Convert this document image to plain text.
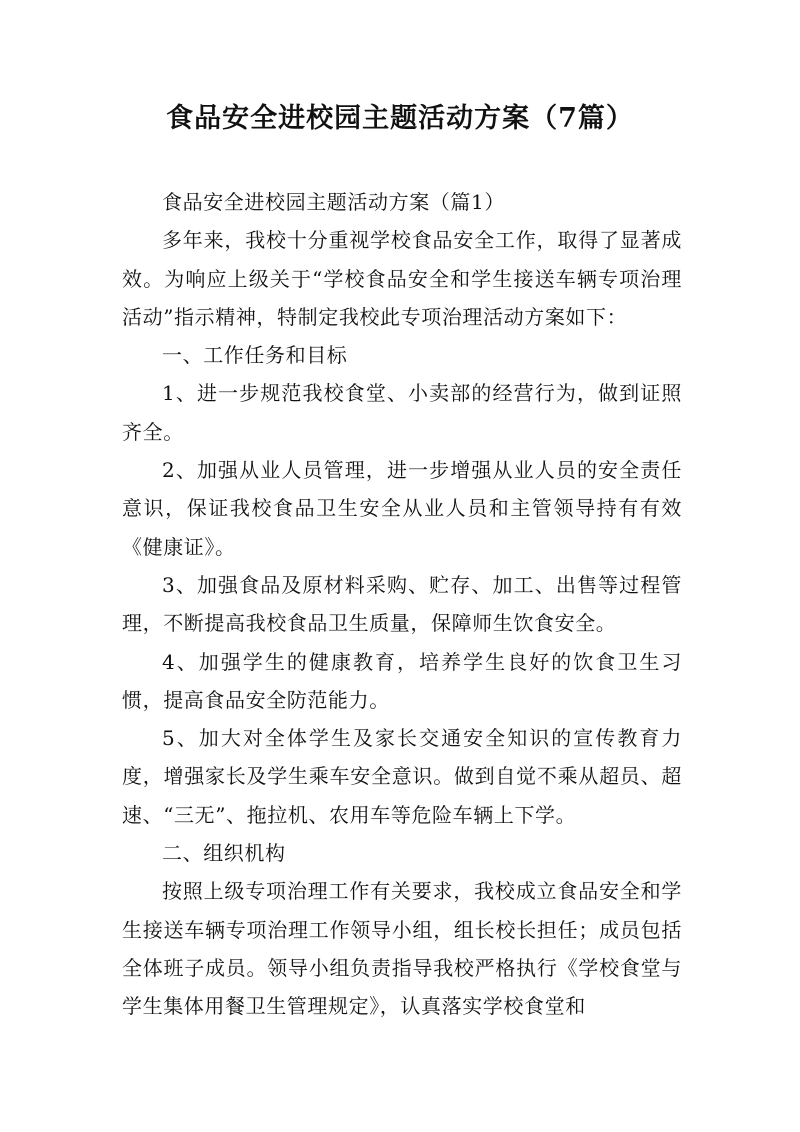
食品安全进校园主题活动方案（7篇）

食品安全进校园主题活动方案（篇1）

多年来，我校十分重视学校食品安全工作，取得了显著成效。为响应上级关于“学校食品安全和学生接送车辆专项治理活动”指示精神，特制定我校此专项治理活动方案如下：

一、工作任务和目标

1、进一步规范我校食堂、小卖部的经营行为，做到证照齐全。

2、加强从业人员管理，进一步增强从业人员的安全责任意识，保证我校食品卫生安全从业人员和主管领导持有有效《健康证》。

3、加强食品及原材料采购、贮存、加工、出售等过程管理，不断提高我校食品卫生质量，保障师生饮食安全。

4、加强学生的健康教育，培养学生良好的饮食卫生习惯，提高食品安全防范能力。

5、加大对全体学生及家长交通安全知识的宣传教育力度，增强家长及学生乘车安全意识。做到自觉不乘从超员、超速、“三无”、拖拉机、农用车等危险车辆上下学。

二、组织机构

按照上级专项治理工作有关要求，我校成立食品安全和学生接送车辆专项治理工作领导小组，组长校长担任；成员包括全体班子成员。领导小组负责指导我校严格执行《学校食堂与学生集体用餐卫生管理规定》，认真落实学校食堂和
